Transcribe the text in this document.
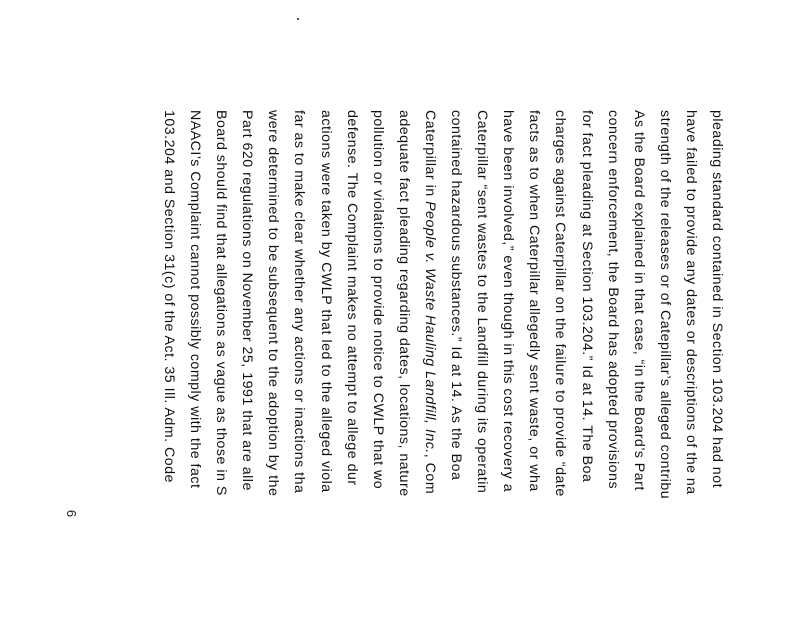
pleading standard contained in Section 103.204 had not
have failed to provide any dates or descriptions of the na
strength of the releases or of Catepillar’s alleged contribu
As the Board explained in that case, “in the Board’s Part
concern enforcement, the Board has adopted provisions
for fact pleading at Section 103.204.” Id at 14. The Boa
charges against Caterpillar on the failure to provide “date
facts as to when Caterpillar allegedly sent waste, or wha
have been involved,” even though in this cost recovery a
Caterpillar “sent wastes to the Landfill during its operatin
contained hazardous substances.” Id at 14. As the Boa
Caterpillar in People v. Waste Hauling Landfill, Inc., Com
adequate fact pleading regarding dates, locations, nature
pollution or violations to provide notice to CWLP that wo
defense. The Complaint makes no attempt to allege dur
actions were taken by CWLP that led to the alleged viola
far as to make clear whether any actions or inactions tha
were determined to be subsequent to the adoption by the
Part 620 regulations on November 25, 1991 that are alle
Board should find that allegations as vague as those in S
NAACI’s Complaint cannot possibly comply with the fact
103.204 and Section 31(c) of the Act. 35 Ill. Adm. Code
6
